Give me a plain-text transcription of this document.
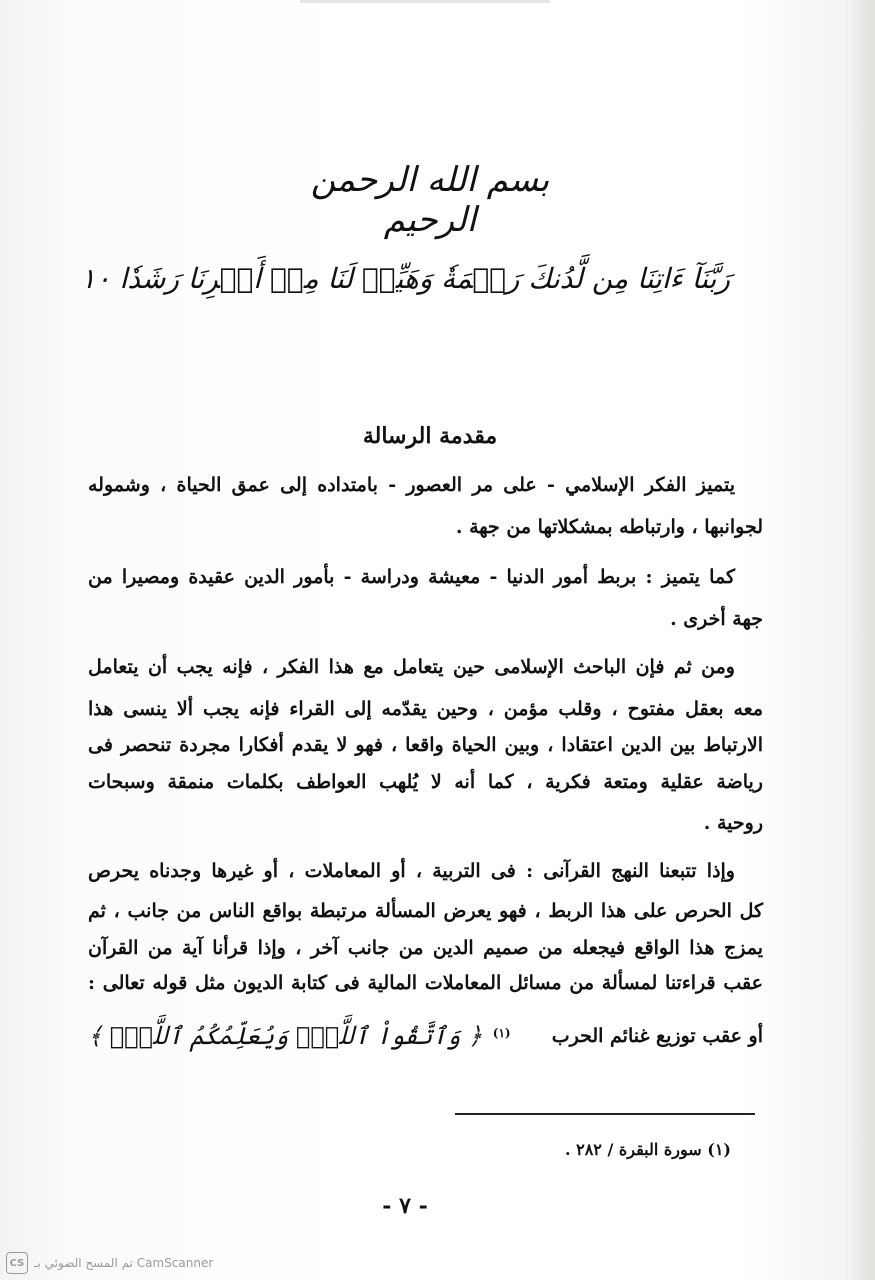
بسم الله الرحمن الرحيم
رَبَّنَآ ءَاتِنَا مِن لَّدُنكَ رَحۡمَةٗ وَهَيِّئۡ لَنَا مِنۡ أَمۡرِنَا رَشَدٗا ١٠
مقدمة الرسالة
يتميز الفكر الإسلامي - على مر العصور - بامتداده إلى عمق الحياة ، وشموله
لجوانبها ، وارتباطه بمشكلاتها من جهة .
كما يتميز : بربط أمور الدنيا - معيشة ودراسة - بأمور الدين عقيدة ومصيرا من
جهة أخرى .
ومن ثم فإن الباحث الإسلامى حين يتعامل مع هذا الفكر ، فإنه يجب أن يتعامل
معه بعقل مفتوح ، وقلب مؤمن ، وحين يقدّمه إلى القراء فإنه يجب ألا ينسى هذا
الارتباط بين الدين اعتقادا ، وبين الحياة واقعا ، فهو لا يقدم أفكارا مجردة تنحصر فى
رياضة عقلية ومتعة فكرية ، كما أنه لا يُلهب العواطف بكلمات منمقة وسبحات
روحية .
وإذا تتبعنا النهج القرآنى : فى التربية ، أو المعاملات ، أو غيرها وجدناه يحرص
كل الحرص على هذا الربط ، فهو يعرض المسألة مرتبطة بواقع الناس من جانب ، ثم
يمزج هذا الواقع فيجعله من صميم الدين من جانب آخر ، وإذا قرأنا آية من القرآن
عقب قراءتنا لمسألة من مسائل المعاملات المالية فى كتابة الديون مثل قوله تعالى :
أو عقب توزيع غنائم الحرب
$^{(١)}$ ﴿ وَٱتَّقُواْ ٱللَّهَۖ وَيُعَلِّمُكُمُ ٱللَّهُۗ ﴾
(١) سورة البقرة / ٢٨٢ .
- ٧ -
CS تم المسح الضوئي بـ CamScanner
